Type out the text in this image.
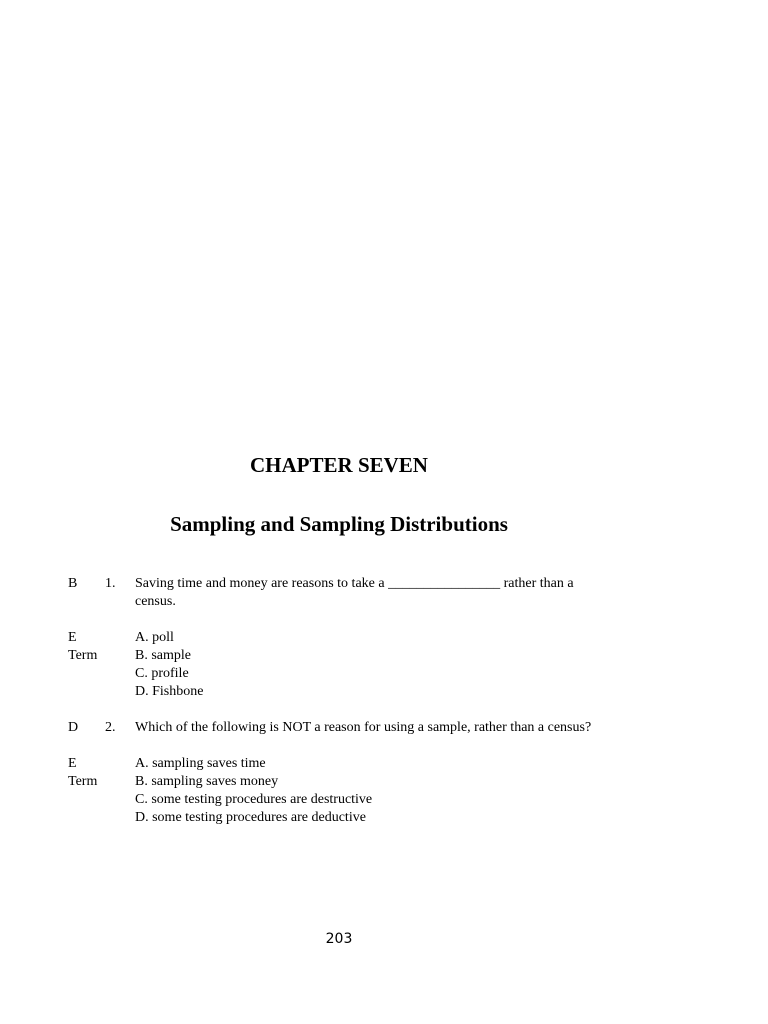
CHAPTER SEVEN
Sampling and Sampling Distributions
B 1. Saving time and money are reasons to take a ________________ rather than a
census.
E
Term
A. poll
B. sample
C. profile
D. Fishbone
D 2. Which of the following is NOT a reason for using a sample, rather than a census?
E
Term
A. sampling saves time
B. sampling saves money
C. some testing procedures are destructive
D. some testing procedures are deductive
203
